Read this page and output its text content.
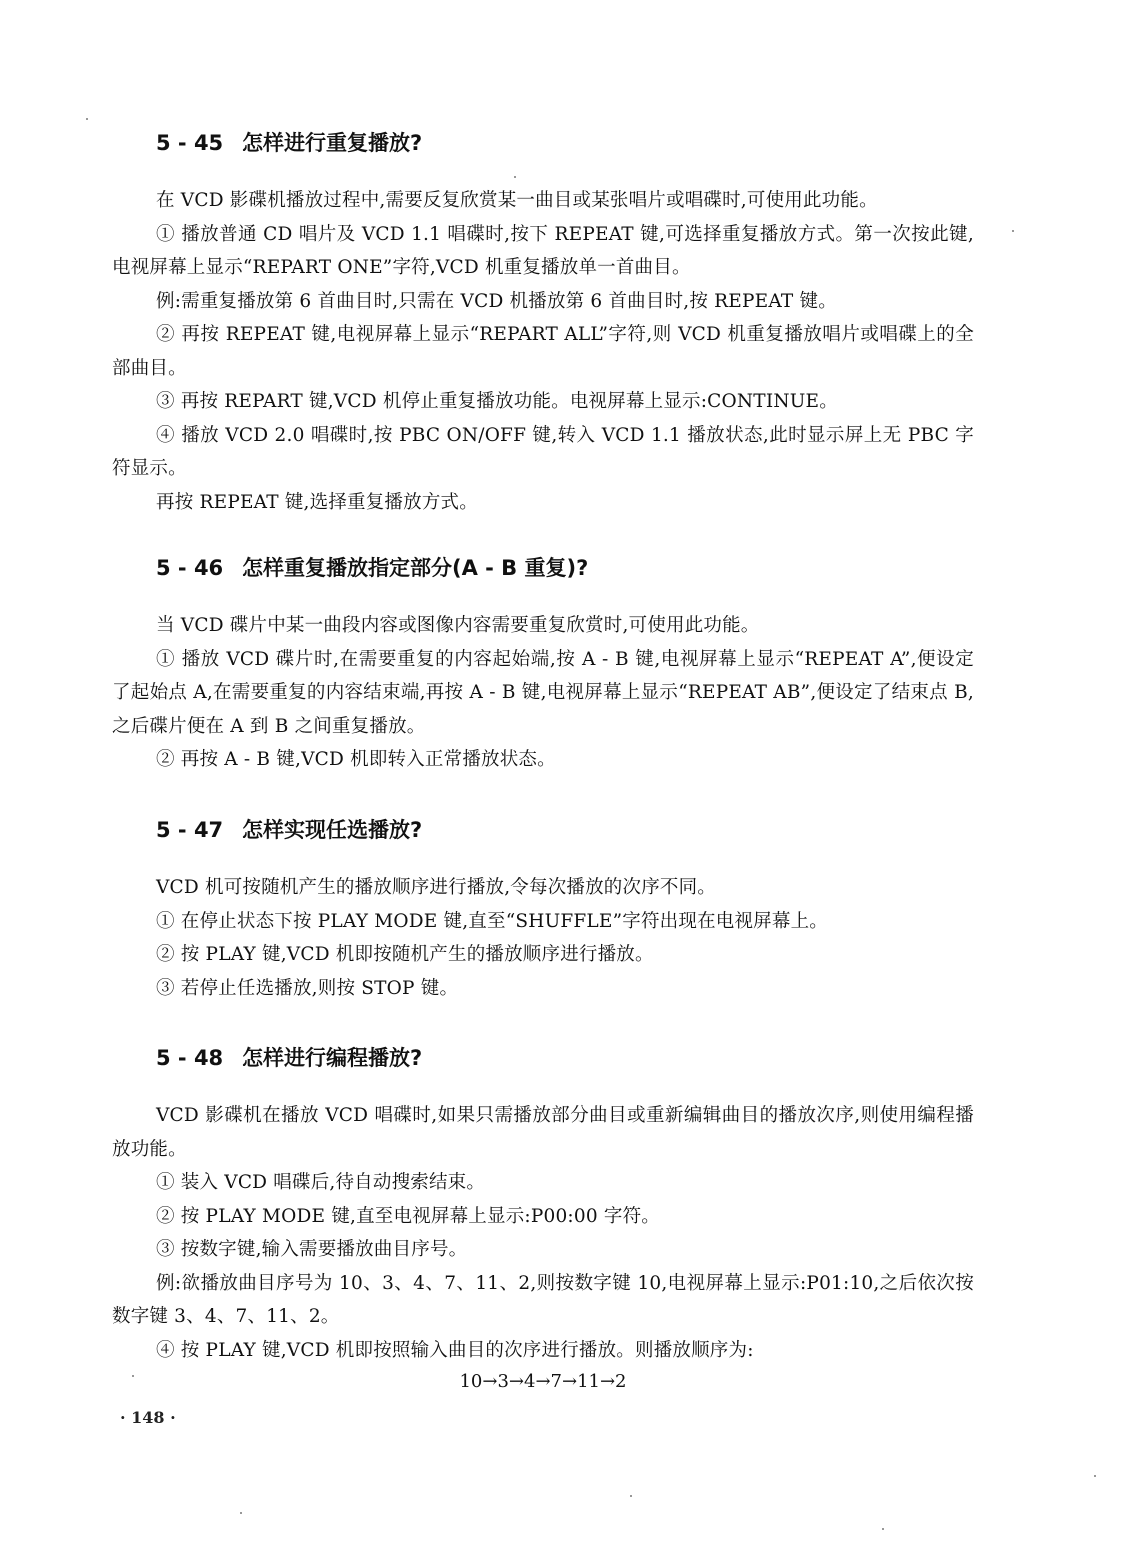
5 - 45 怎样进行重复播放?

在 VCD 影碟机播放过程中,需要反复欣赏某一曲目或某张唱片或唱碟时,可使用此功能。

① 播放普通 CD 唱片及 VCD 1.1 唱碟时,按下 REPEAT 键,可选择重复播放方式。第一次按此键,电视屏幕上显示“REPART ONE”字符,VCD 机重复播放单一首曲目。

例:需重复播放第 6 首曲目时,只需在 VCD 机播放第 6 首曲目时,按 REPEAT 键。

② 再按 REPEAT 键,电视屏幕上显示“REPART ALL”字符,则 VCD 机重复播放唱片或唱碟上的全部曲目。

③ 再按 REPART 键,VCD 机停止重复播放功能。电视屏幕上显示:CONTINUE。

④ 播放 VCD 2.0 唱碟时,按 PBC ON/OFF 键,转入 VCD 1.1 播放状态,此时显示屏上无 PBC 字符显示。

再按 REPEAT 键,选择重复播放方式。

5 - 46 怎样重复播放指定部分(A - B 重复)?

当 VCD 碟片中某一曲段内容或图像内容需要重复欣赏时,可使用此功能。

① 播放 VCD 碟片时,在需要重复的内容起始端,按 A - B 键,电视屏幕上显示“REPEAT A”,便设定了起始点 A,在需要重复的内容结束端,再按 A - B 键,电视屏幕上显示“REPEAT AB”,便设定了结束点 B,之后碟片便在 A 到 B 之间重复播放。

② 再按 A - B 键,VCD 机即转入正常播放状态。

5 - 47 怎样实现任选播放?

VCD 机可按随机产生的播放顺序进行播放,令每次播放的次序不同。

① 在停止状态下按 PLAY MODE 键,直至“SHUFFLE”字符出现在电视屏幕上。

② 按 PLAY 键,VCD 机即按随机产生的播放顺序进行播放。

③ 若停止任选播放,则按 STOP 键。

5 - 48 怎样进行编程播放?

VCD 影碟机在播放 VCD 唱碟时,如果只需播放部分曲目或重新编辑曲目的播放次序,则使用编程播放功能。

① 装入 VCD 唱碟后,待自动搜索结束。

② 按 PLAY MODE 键,直至电视屏幕上显示:P00:00 字符。

③ 按数字键,输入需要播放曲目序号。

例:欲播放曲目序号为 10、3、4、7、11、2,则按数字键 10,电视屏幕上显示:P01:10,之后依次按数字键 3、4、7、11、2。

④ 按 PLAY 键,VCD 机即按照输入曲目的次序进行播放。则播放顺序为:

10→3→4→7→11→2

· 148 ·
